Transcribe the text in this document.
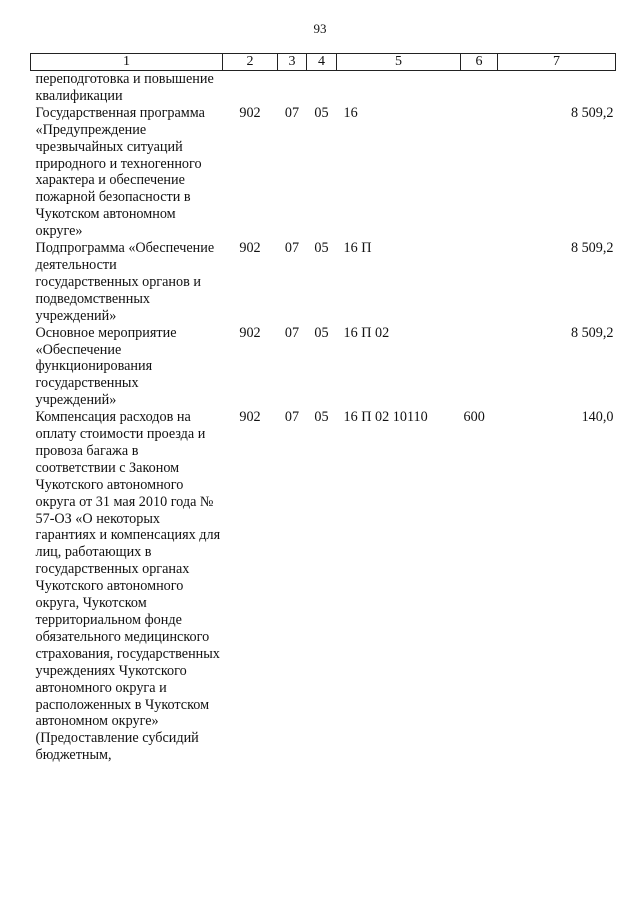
93
1	2	3	4	5	6	7
переподготовка и повышение квалификации						
Государственная программа «Предупреждение чрезвычайных ситуаций природного и техногенного характера и обеспечение пожарной безопасности в Чукотском автономном округе»	902	07	05	16		8 509,2
Подпрограмма «Обеспечение деятельности государственных органов и подведомственных учреждений»	902	07	05	16 П		8 509,2
Основное мероприятие «Обеспечение функционирования государственных учреждений»	902	07	05	16 П 02		8 509,2
Компенсация расходов на оплату стоимости проезда и провоза багажа в соответствии с Законом Чукотского автономного округа от 31 мая 2010 года № 57-ОЗ «О некоторых гарантиях и компенсациях для лиц, работающих в государственных органах Чукотского автономного округа, Чукотском территориальном фонде обязательного медицинского страхования, государственных учреждениях Чукотского автономного округа и расположенных в Чукотском автономном округе» (Предоставление субсидий бюджетным,	902	07	05	16 П 02 10110	600	140,0
